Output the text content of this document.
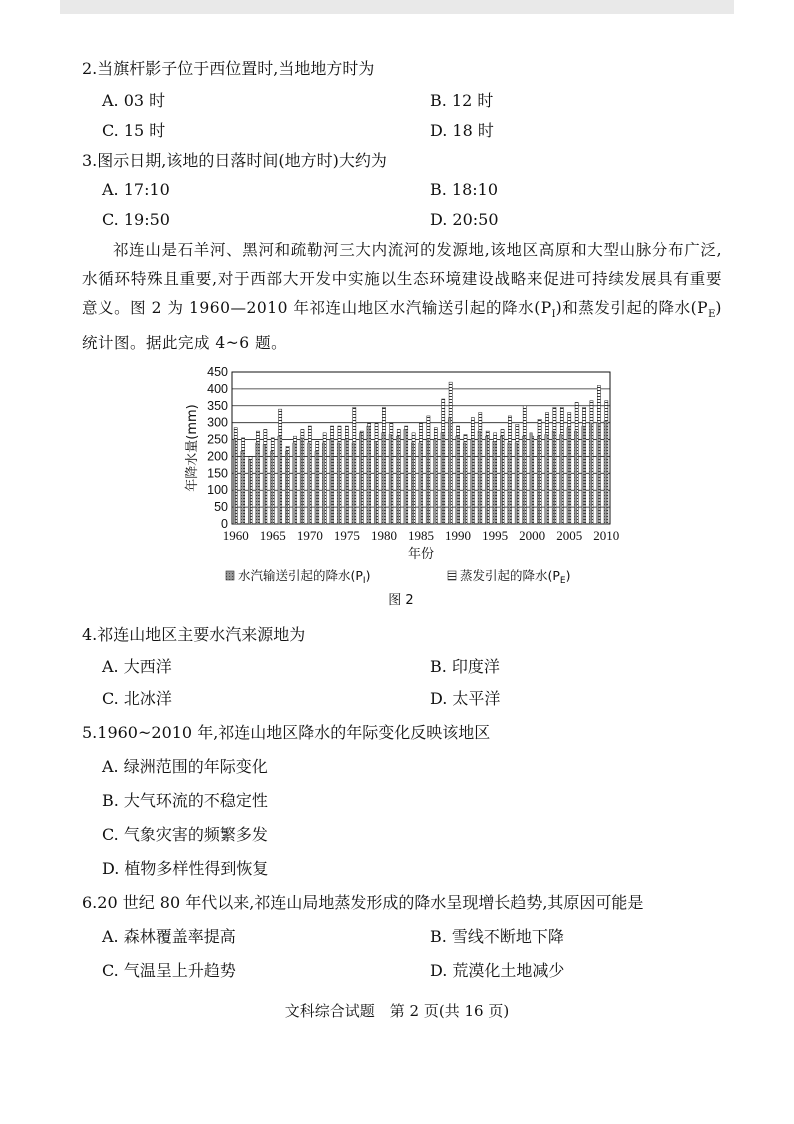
2.当旗杆影子位于西位置时,当地地方时为
A. 03 时	B. 12 时
C. 15 时	D. 18 时
3.图示日期,该地的日落时间(地方时)大约为
A. 17:10	B. 18:10
C. 19:50	D. 20:50
祁连山是石羊河、黑河和疏勒河三大内流河的发源地,该地区高原和大型山脉分布广泛,水循环特殊且重要,对于西部大开发中实施以生态环境建设战略来促进可持续发展具有重要意义。图 2 为 1960—2010 年祁连山地区水汽输送引起的降水$(P_I)$和蒸发引起的降水$(P_E)$统计图。据此完成 4~6 题。
0
50
100
150
200
250
300
350
400
450
1960 1965 1970 1975 1980 1985 1990 1995 2000 2005 2010
年降水量(mm)
年份
水汽输送引起的降水$(P_I)$	蒸发引起的降水$(P_E)$
图 2
4.祁连山地区主要水汽来源地为
A. 大西洋	B. 印度洋
C. 北冰洋	D. 太平洋
5.1960~2010 年,祁连山地区降水的年际变化反映该地区
A. 绿洲范围的年际变化
B. 大气环流的不稳定性
C. 气象灾害的频繁多发
D. 植物多样性得到恢复
6.20 世纪 80 年代以来,祁连山局地蒸发形成的降水呈现增长趋势,其原因可能是
A. 森林覆盖率提高	B. 雪线不断地下降
C. 气温呈上升趋势	D. 荒漠化土地减少
文科综合试题　第 2 页(共 16 页)
